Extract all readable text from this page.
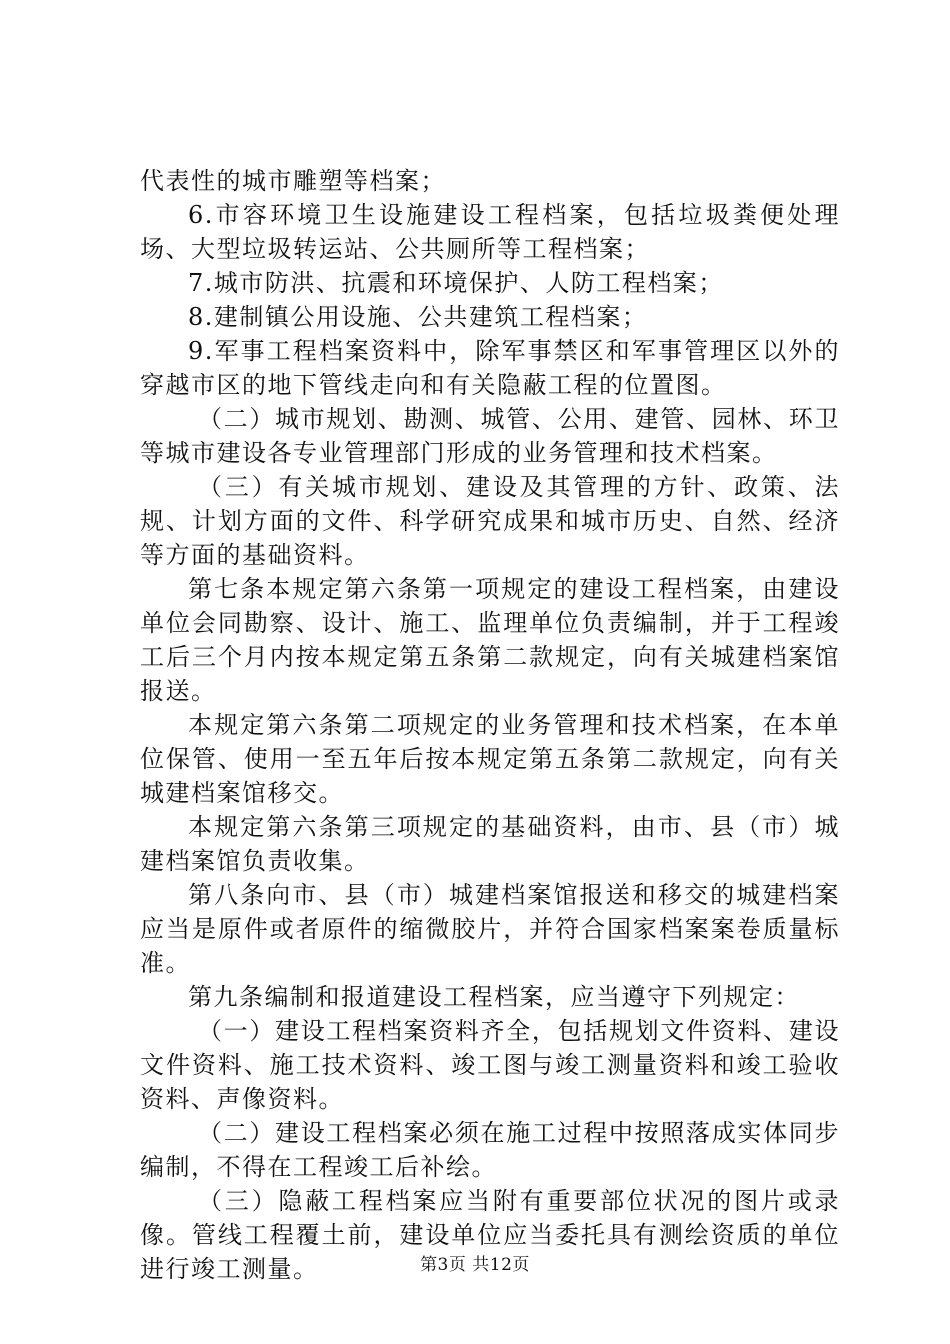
代表性的城市雕塑等档案；

6.市容环境卫生设施建设工程档案，包括垃圾粪便处理场、大型垃圾转运站、公共厕所等工程档案；

7.城市防洪、抗震和环境保护、人防工程档案；

8.建制镇公用设施、公共建筑工程档案；

9.军事工程档案资料中，除军事禁区和军事管理区以外的穿越市区的地下管线走向和有关隐蔽工程的位置图。

（二）城市规划、勘测、城管、公用、建管、园林、环卫等城市建设各专业管理部门形成的业务管理和技术档案。

（三）有关城市规划、建设及其管理的方针、政策、法规、计划方面的文件、科学研究成果和城市历史、自然、经济等方面的基础资料。

第七条本规定第六条第一项规定的建设工程档案，由建设单位会同勘察、设计、施工、监理单位负责编制，并于工程竣工后三个月内按本规定第五条第二款规定，向有关城建档案馆报送。

本规定第六条第二项规定的业务管理和技术档案，在本单位保管、使用一至五年后按本规定第五条第二款规定，向有关城建档案馆移交。

本规定第六条第三项规定的基础资料，由市、县（市）城建档案馆负责收集。

第八条向市、县（市）城建档案馆报送和移交的城建档案应当是原件或者原件的缩微胶片，并符合国家档案案卷质量标准。

第九条编制和报道建设工程档案，应当遵守下列规定：

（一）建设工程档案资料齐全，包括规划文件资料、建设文件资料、施工技术资料、竣工图与竣工测量资料和竣工验收资料、声像资料。

（二）建设工程档案必须在施工过程中按照落成实体同步编制，不得在工程竣工后补绘。

（三）隐蔽工程档案应当附有重要部位状况的图片或录像。管线工程覆土前，建设单位应当委托具有测绘资质的单位进行竣工测量。	第3页 共12页
